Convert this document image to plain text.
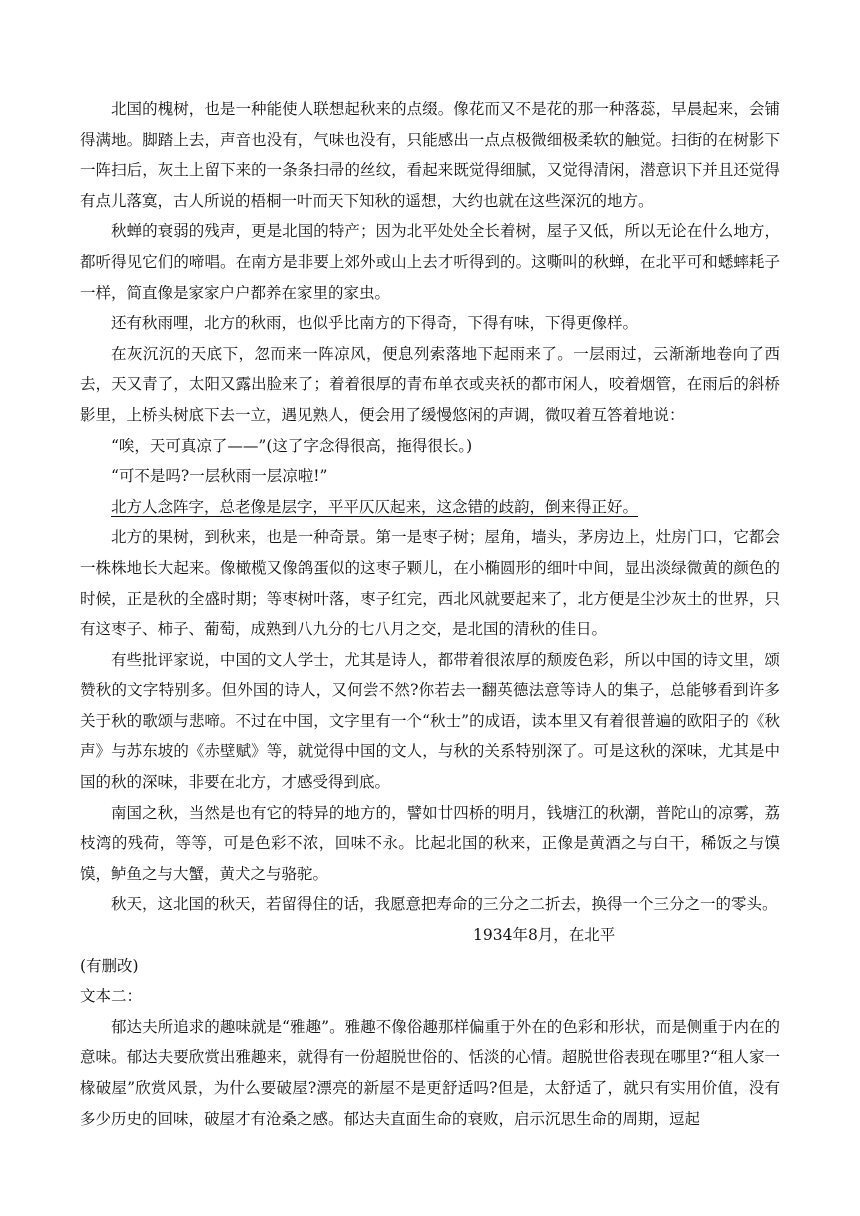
北国的槐树，也是一种能使人联想起秋来的点缀。像花而又不是花的那一种落蕊，早晨起来，会铺得满地。脚踏上去，声音也没有，气味也没有，只能感出一点点极微细极柔软的触觉。扫街的在树影下一阵扫后，灰土上留下来的一条条扫帚的丝纹，看起来既觉得细腻，又觉得清闲，潜意识下并且还觉得有点儿落寞，古人所说的梧桐一叶而天下知秋的遥想，大约也就在这些深沉的地方。

秋蝉的衰弱的残声，更是北国的特产；因为北平处处全长着树，屋子又低，所以无论在什么地方，都听得见它们的啼唱。在南方是非要上郊外或山上去才听得到的。这嘶叫的秋蝉，在北平可和蟋蟀耗子一样，简直像是家家户户都养在家里的家虫。

还有秋雨哩，北方的秋雨，也似乎比南方的下得奇，下得有味，下得更像样。

在灰沉沉的天底下，忽而来一阵凉风，便息列索落地下起雨来了。一层雨过，云渐渐地卷向了西去，天又青了，太阳又露出脸来了；着着很厚的青布单衣或夹袄的都市闲人，咬着烟管，在雨后的斜桥影里，上桥头树底下去一立，遇见熟人，便会用了缓慢悠闲的声调，微叹着互答着地说：

“唉，天可真凉了——”(这了字念得很高，拖得很长。)

“可不是吗?一层秋雨一层凉啦!”

北方人念阵字，总老像是层字，平平仄仄起来，这念错的歧韵，倒来得正好。

北方的果树，到秋来，也是一种奇景。第一是枣子树；屋角，墙头，茅房边上，灶房门口，它都会一株株地长大起来。像橄榄又像鸽蛋似的这枣子颗儿，在小椭圆形的细叶中间，显出淡绿微黄的颜色的时候，正是秋的全盛时期；等枣树叶落，枣子红完，西北风就要起来了，北方便是尘沙灰土的世界，只有这枣子、柿子、葡萄，成熟到八九分的七八月之交，是北国的清秋的佳日。

有些批评家说，中国的文人学士，尤其是诗人，都带着很浓厚的颓废色彩，所以中国的诗文里，颂赞秋的文字特别多。但外国的诗人，又何尝不然?你若去一翻英德法意等诗人的集子，总能够看到许多关于秋的歌颂与悲啼。不过在中国，文字里有一个“秋士”的成语，读本里又有着很普遍的欧阳子的《秋声》与苏东坡的《赤壁赋》等，就觉得中国的文人，与秋的关系特别深了。可是这秋的深味，尤其是中国的秋的深味，非要在北方，才感受得到底。

南国之秋，当然是也有它的特异的地方的，譬如廿四桥的明月，钱塘江的秋潮，普陀山的凉雾，荔枝湾的残荷，等等，可是色彩不浓，回味不永。比起北国的秋来，正像是黄酒之与白干，稀饭之与馍馍，鲈鱼之与大蟹，黄犬之与骆驼。

秋天，这北国的秋天，若留得住的话，我愿意把寿命的三分之二折去，换得一个三分之一的零头。

1934年8月，在北平

(有删改)

文本二：

郁达夫所追求的趣味就是“雅趣”。雅趣不像俗趣那样偏重于外在的色彩和形状，而是侧重于内在的意味。郁达夫要欣赏出雅趣来，就得有一份超脱世俗的、恬淡的心情。超脱世俗表现在哪里?“租人家一椽破屋”欣赏风景，为什么要破屋?漂亮的新屋不是更舒适吗?但是，太舒适了，就只有实用价值，没有多少历史的回味，破屋才有沧桑之感。郁达夫直面生命的衰败，启示沉思生命的周期，逗起
